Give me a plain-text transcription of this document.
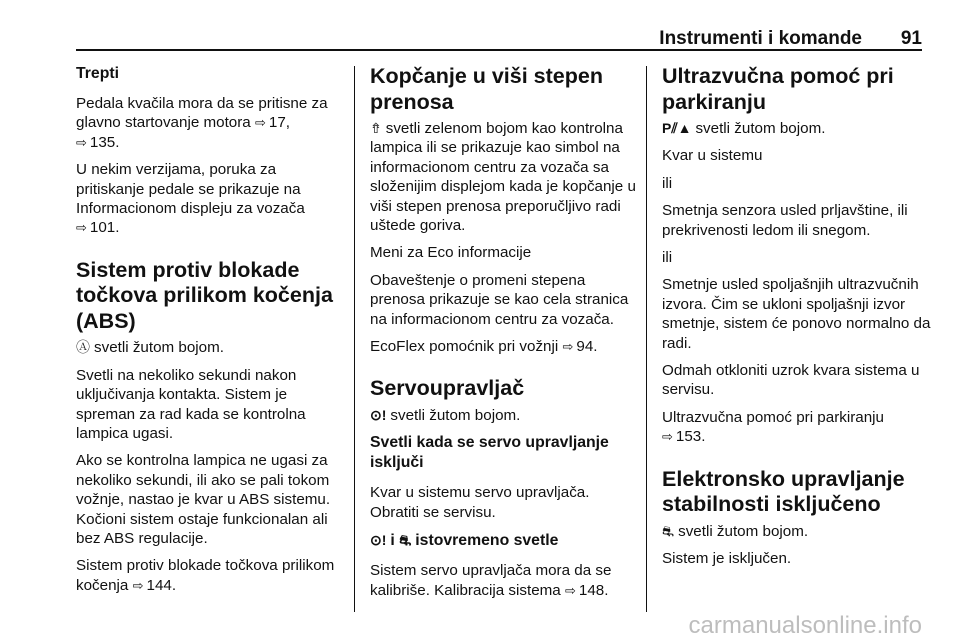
Instrumenti i komande 91
Trepti

Pedala kvačila mora da se pritisne za glavno startovanje motora ⇨ 17,
⇨ 135.

U nekim verzijama, poruka za pritiskanje pedale se prikazuje na Informacionom displeju za vozača
⇨ 101.

Sistem protiv blokade točkova prilikom kočenja (ABS)

Ⓐ svetli žutom bojom.

Svetli na nekoliko sekundi nakon uključivanja kontakta. Sistem je spreman za rad kada se kontrolna lampica ugasi.

Ako se kontrolna lampica ne ugasi za nekoliko sekundi, ili ako se pali tokom vožnje, nastao je kvar u ABS sistemu. Kočioni sistem ostaje funkcionalan ali bez ABS regulacije.

Sistem protiv blokade točkova prilikom kočenja ⇨ 144.

Kopčanje u viši stepen prenosa

⇮ svetli zelenom bojom kao kontrolna lampica ili se prikazuje kao simbol na informacionom centru za vozača sa složenijim displejom kada je kopčanje u viši stepen prenosa preporučljivo radi uštede goriva.

Meni za Eco informacije

Obaveštenje o promeni stepena prenosa prikazuje se kao cela stranica na informacionom centru za vozača.

EcoFlex pomoćnik pri vožnji ⇨ 94.

Servoupravljač

⊙! svetli žutom bojom.

Svetli kada se servo upravljanje isključi

Kvar u sistemu servo upravljača. Obratiti se servisu.

⊙! i ⛐ istovremeno svetle

Sistem servo upravljača mora da se kalibriše. Kalibracija sistema ⇨ 148.

Ultrazvučna pomoć pri parkiranju

P⫽▲ svetli žutom bojom.

Kvar u sistemu

ili

Smetnja senzora usled prljavštine, ili prekrivenosti ledom ili snegom.

ili

Smetnje usled spoljašnjih ultrazvučnih izvora. Čim se ukloni spoljašnji izvor smetnje, sistem će ponovo normalno da radi.

Odmah otkloniti uzrok kvara sistema u servisu.

Ultrazvučna pomoć pri parkiranju
⇨ 153.

Elektronsko upravljanje stabilnosti isključeno

⛐ svetli žutom bojom.

Sistem je isključen.

carmanualsonline.info
